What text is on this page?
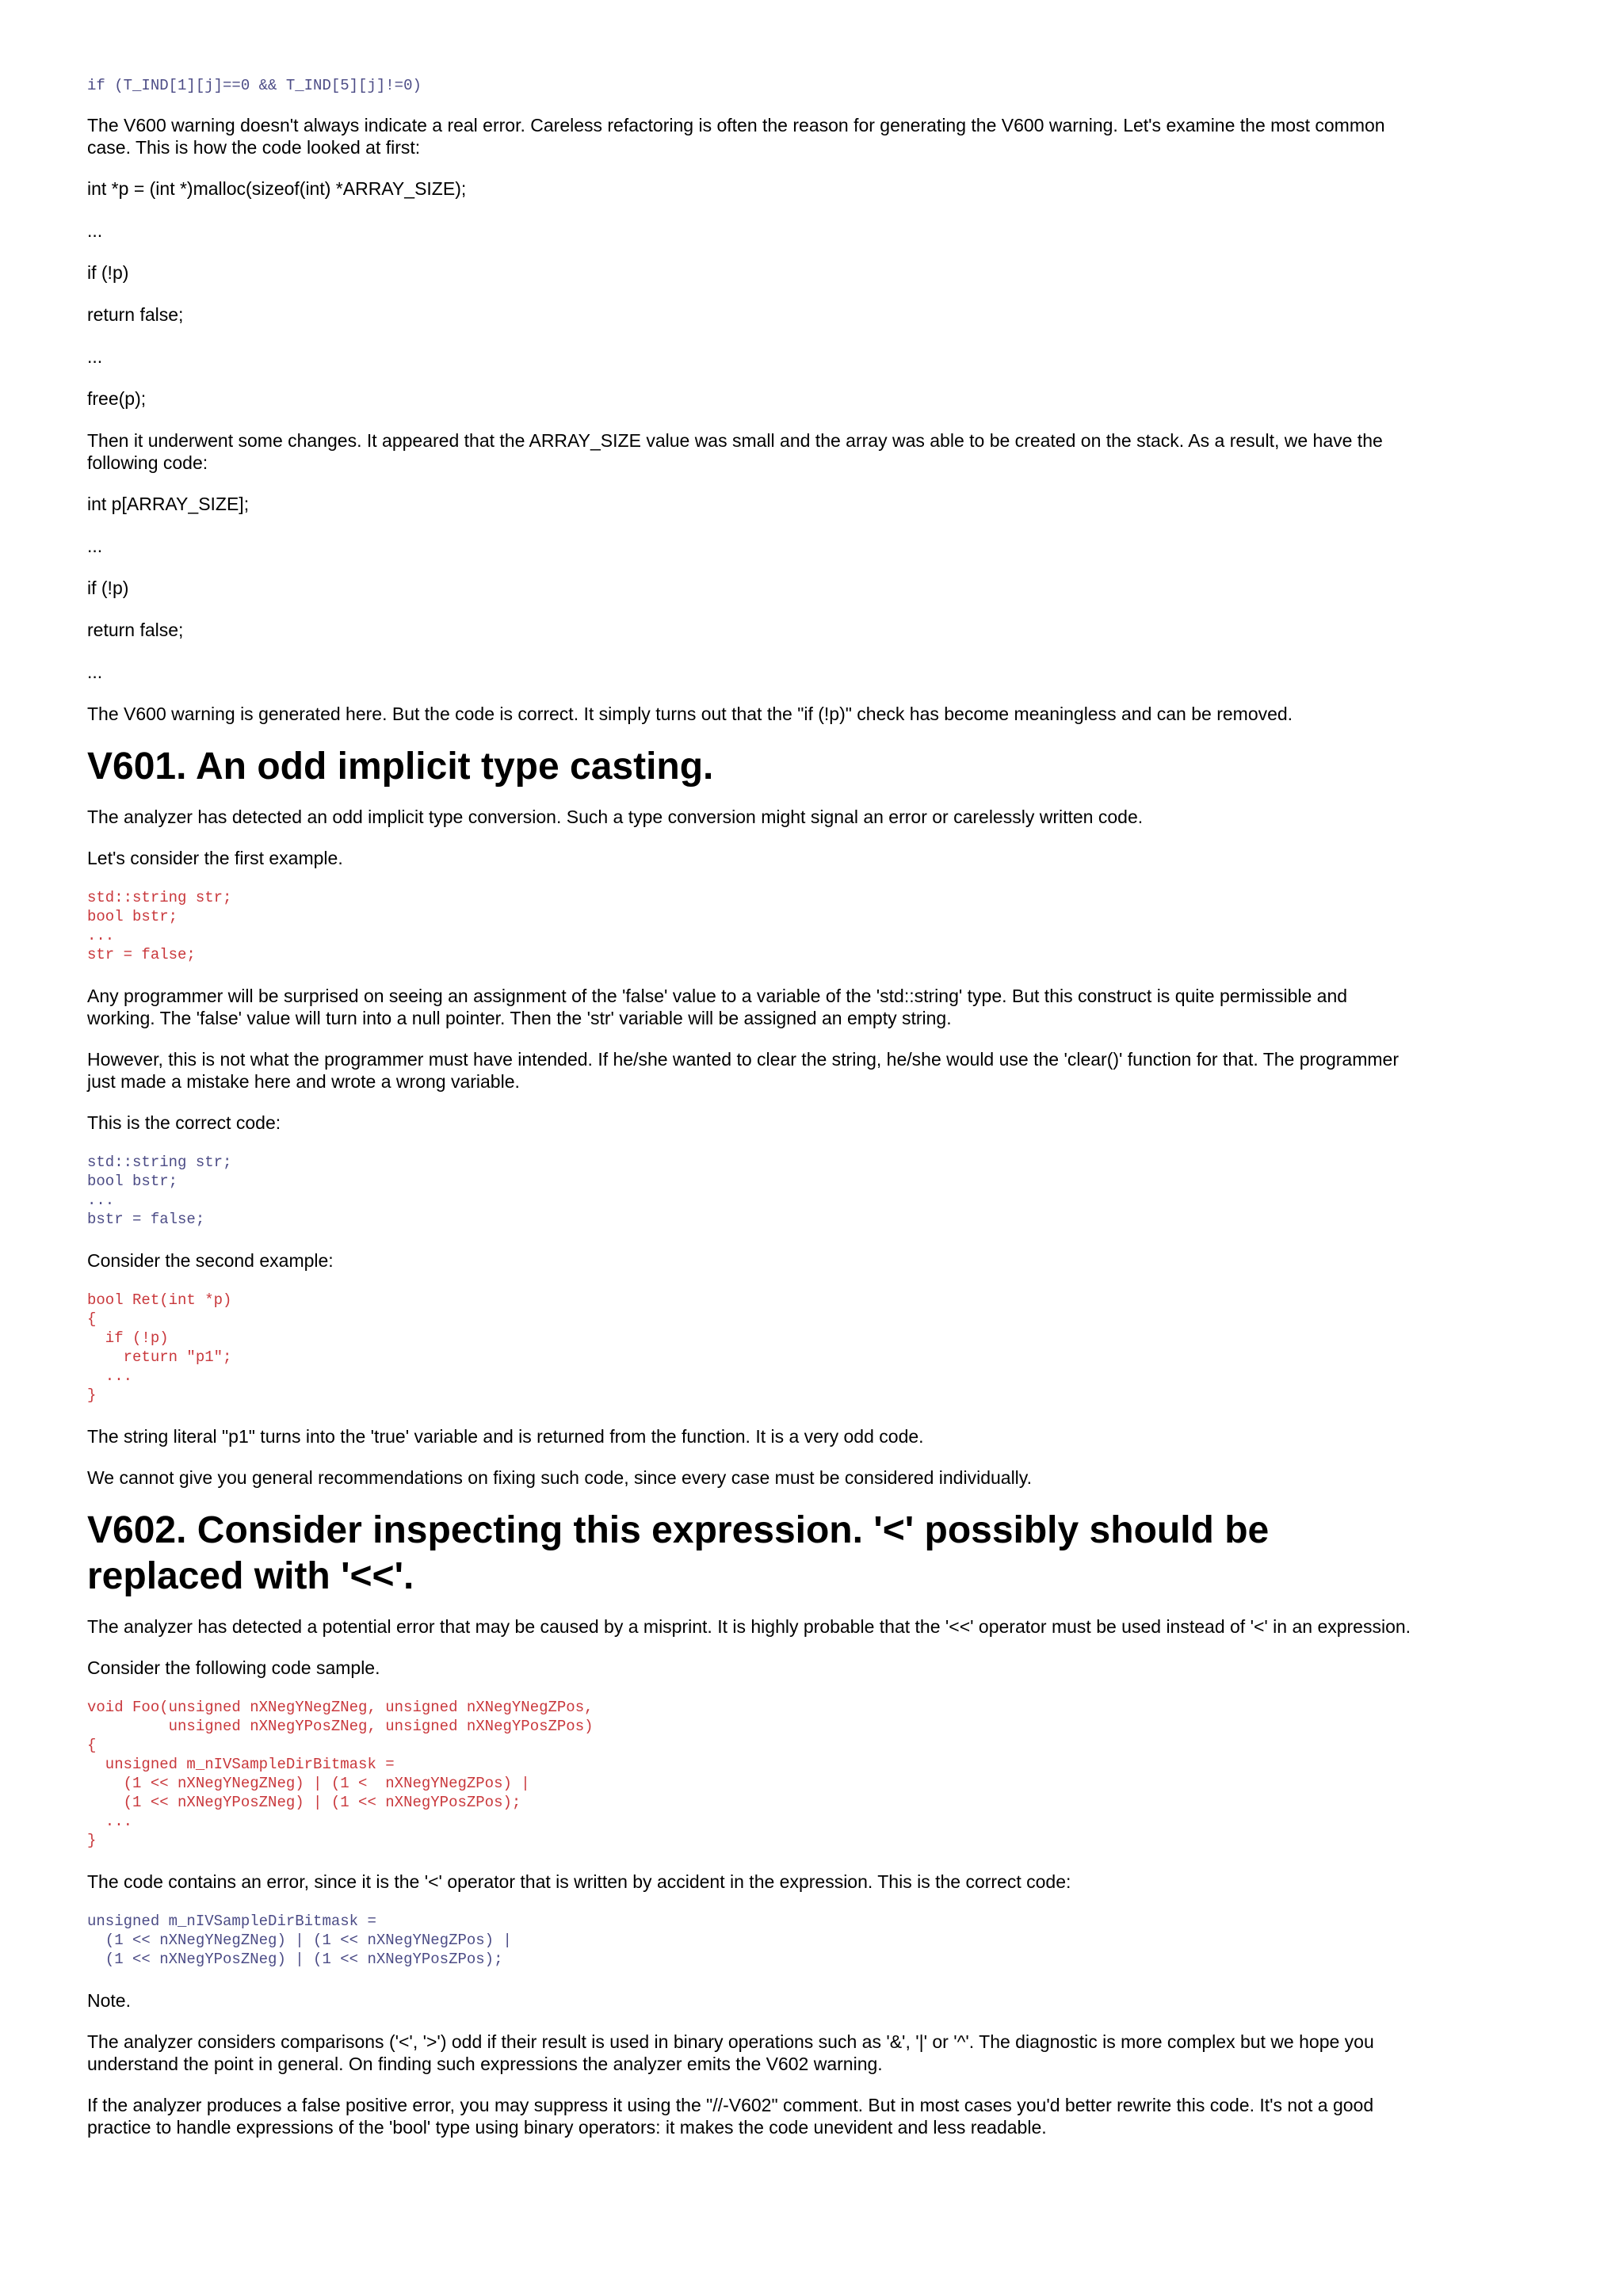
if (T_IND[1][j]==0 && T_IND[5][j]!=0)

The V600 warning doesn't always indicate a real error. Careless refactoring is often the reason for generating the V600 warning. Let's examine the most common case. This is how the code looked at first:

int *p = (int *)malloc(sizeof(int) *ARRAY_SIZE);

...

if (!p)

return false;

...

free(p);

Then it underwent some changes. It appeared that the ARRAY_SIZE value was small and the array was able to be created on the stack. As a result, we have the following code:

int p[ARRAY_SIZE];

...

if (!p)

return false;

...

The V600 warning is generated here. But the code is correct. It simply turns out that the "if (!p)" check has become meaningless and can be removed.

V601. An odd implicit type casting.

The analyzer has detected an odd implicit type conversion. Such a type conversion might signal an error or carelessly written code.

Let's consider the first example.

std::string str;
bool bstr;
...
str = false;

Any programmer will be surprised on seeing an assignment of the 'false' value to a variable of the 'std::string' type. But this construct is quite permissible and working. The 'false' value will turn into a null pointer. Then the 'str' variable will be assigned an empty string.

However, this is not what the programmer must have intended. If he/she wanted to clear the string, he/she would use the 'clear()' function for that. The programmer just made a mistake here and wrote a wrong variable.

This is the correct code:

std::string str;
bool bstr;
...
bstr = false;

Consider the second example:

bool Ret(int *p)
{
if (!p)
return "p1";
...
}

The string literal "p1" turns into the 'true' variable and is returned from the function. It is a very odd code.

We cannot give you general recommendations on fixing such code, since every case must be considered individually.

V602. Consider inspecting this expression. '<' possibly should be replaced with '<<'.

The analyzer has detected a potential error that may be caused by a misprint. It is highly probable that the '<<' operator must be used instead of '<' in an expression.

Consider the following code sample.

void Foo(unsigned nXNegYNegZNeg, unsigned nXNegYNegZPos,
unsigned nXNegYPosZNeg, unsigned nXNegYPosZPos)
{
unsigned m_nIVSampleDirBitmask =
(1 << nXNegYNegZNeg) | (1 <  nXNegYNegZPos) |
(1 << nXNegYPosZNeg) | (1 << nXNegYPosZPos);
...
}

The code contains an error, since it is the '<' operator that is written by accident in the expression. This is the correct code:

unsigned m_nIVSampleDirBitmask =
(1 << nXNegYNegZNeg) | (1 << nXNegYNegZPos) |
(1 << nXNegYPosZNeg) | (1 << nXNegYPosZPos);

Note.

The analyzer considers comparisons ('<', '>') odd if their result is used in binary operations such as '&', '|' or '^'. The diagnostic is more complex but we hope you understand the point in general. On finding such expressions the analyzer emits the V602 warning.

If the analyzer produces a false positive error, you may suppress it using the "//-V602" comment. But in most cases you'd better rewrite this code. It's not a good practice to handle expressions of the 'bool' type using binary operators: it makes the code unevident and less readable.
